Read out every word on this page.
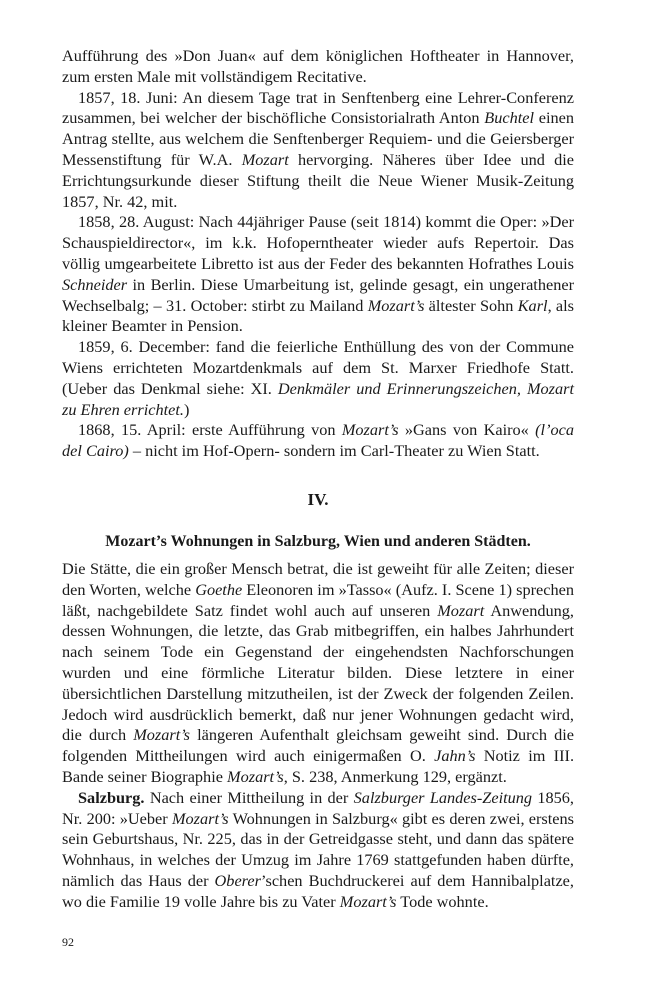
Aufführung des »Don Juan« auf dem königlichen Hoftheater in Hannover, zum ersten Male mit vollständigem Recitative.

1857, 18. Juni: An diesem Tage trat in Senftenberg eine Lehrer-Conferenz zusammen, bei welcher der bischöfliche Consistorialrath Anton Buchtel einen Antrag stellte, aus welchem die Senftenberger Requiem- und die Geiersberger Messenstiftung für W.A. Mozart hervorging. Näheres über Idee und die Errichtungsurkunde dieser Stiftung theilt die Neue Wiener Musik-Zeitung 1857, Nr. 42, mit.

1858, 28. August: Nach 44jähriger Pause (seit 1814) kommt die Oper: »Der Schauspieldirector«, im k.k. Hofoperntheater wieder aufs Repertoir. Das völlig umgearbeitete Libretto ist aus der Feder des bekannten Hofrathes Louis Schneider in Berlin. Diese Umarbeitung ist, gelinde gesagt, ein ungerathener Wechselbalg; – 31. October: stirbt zu Mailand Mozart’s ältester Sohn Karl, als kleiner Beamter in Pension.

1859, 6. December: fand die feierliche Enthüllung des von der Commune Wiens errichteten Mozartdenkmals auf dem St. Marxer Friedhofe Statt. (Ueber das Denkmal siehe: XI. Denkmäler und Erinnerungszeichen, Mozart zu Ehren errichtet.)

1868, 15. April: erste Aufführung von Mozart’s »Gans von Kairo« (l’oca del Cairo) – nicht im Hof-Opern- sondern im Carl-Theater zu Wien Statt.

IV.
Mozart’s Wohnungen in Salzburg, Wien und anderen Städten.

Die Stätte, die ein großer Mensch betrat, die ist geweiht für alle Zeiten; dieser den Worten, welche Goethe Eleonoren im »Tasso« (Aufz. I. Scene 1) sprechen läßt, nachgebildete Satz findet wohl auch auf unseren Mozart Anwendung, dessen Wohnungen, die letzte, das Grab mitbegriffen, ein halbes Jahrhundert nach seinem Tode ein Gegenstand der eingehendsten Nachforschungen wurden und eine förmliche Literatur bilden. Diese letztere in einer übersichtlichen Darstellung mitzutheilen, ist der Zweck der folgenden Zeilen. Jedoch wird ausdrücklich bemerkt, daß nur jener Wohnungen gedacht wird, die durch Mozart’s längeren Aufenthalt gleichsam geweiht sind. Durch die folgenden Mittheilungen wird auch einigermaßen O. Jahn’s Notiz im III. Bande seiner Biographie Mozart’s, S. 238, Anmerkung 129, ergänzt.

Salzburg. Nach einer Mittheilung in der Salzburger Landes-Zeitung 1856, Nr. 200: »Ueber Mozart’s Wohnungen in Salzburg« gibt es deren zwei, erstens sein Geburtshaus, Nr. 225, das in der Getreidgasse steht, und dann das spätere Wohnhaus, in welches der Umzug im Jahre 1769 stattgefunden haben dürfte, nämlich das Haus der Oberer’schen Buchdruckerei auf dem Hannibalplatze, wo die Familie 19 volle Jahre bis zu Vater Mozart’s Tode wohnte.

92
